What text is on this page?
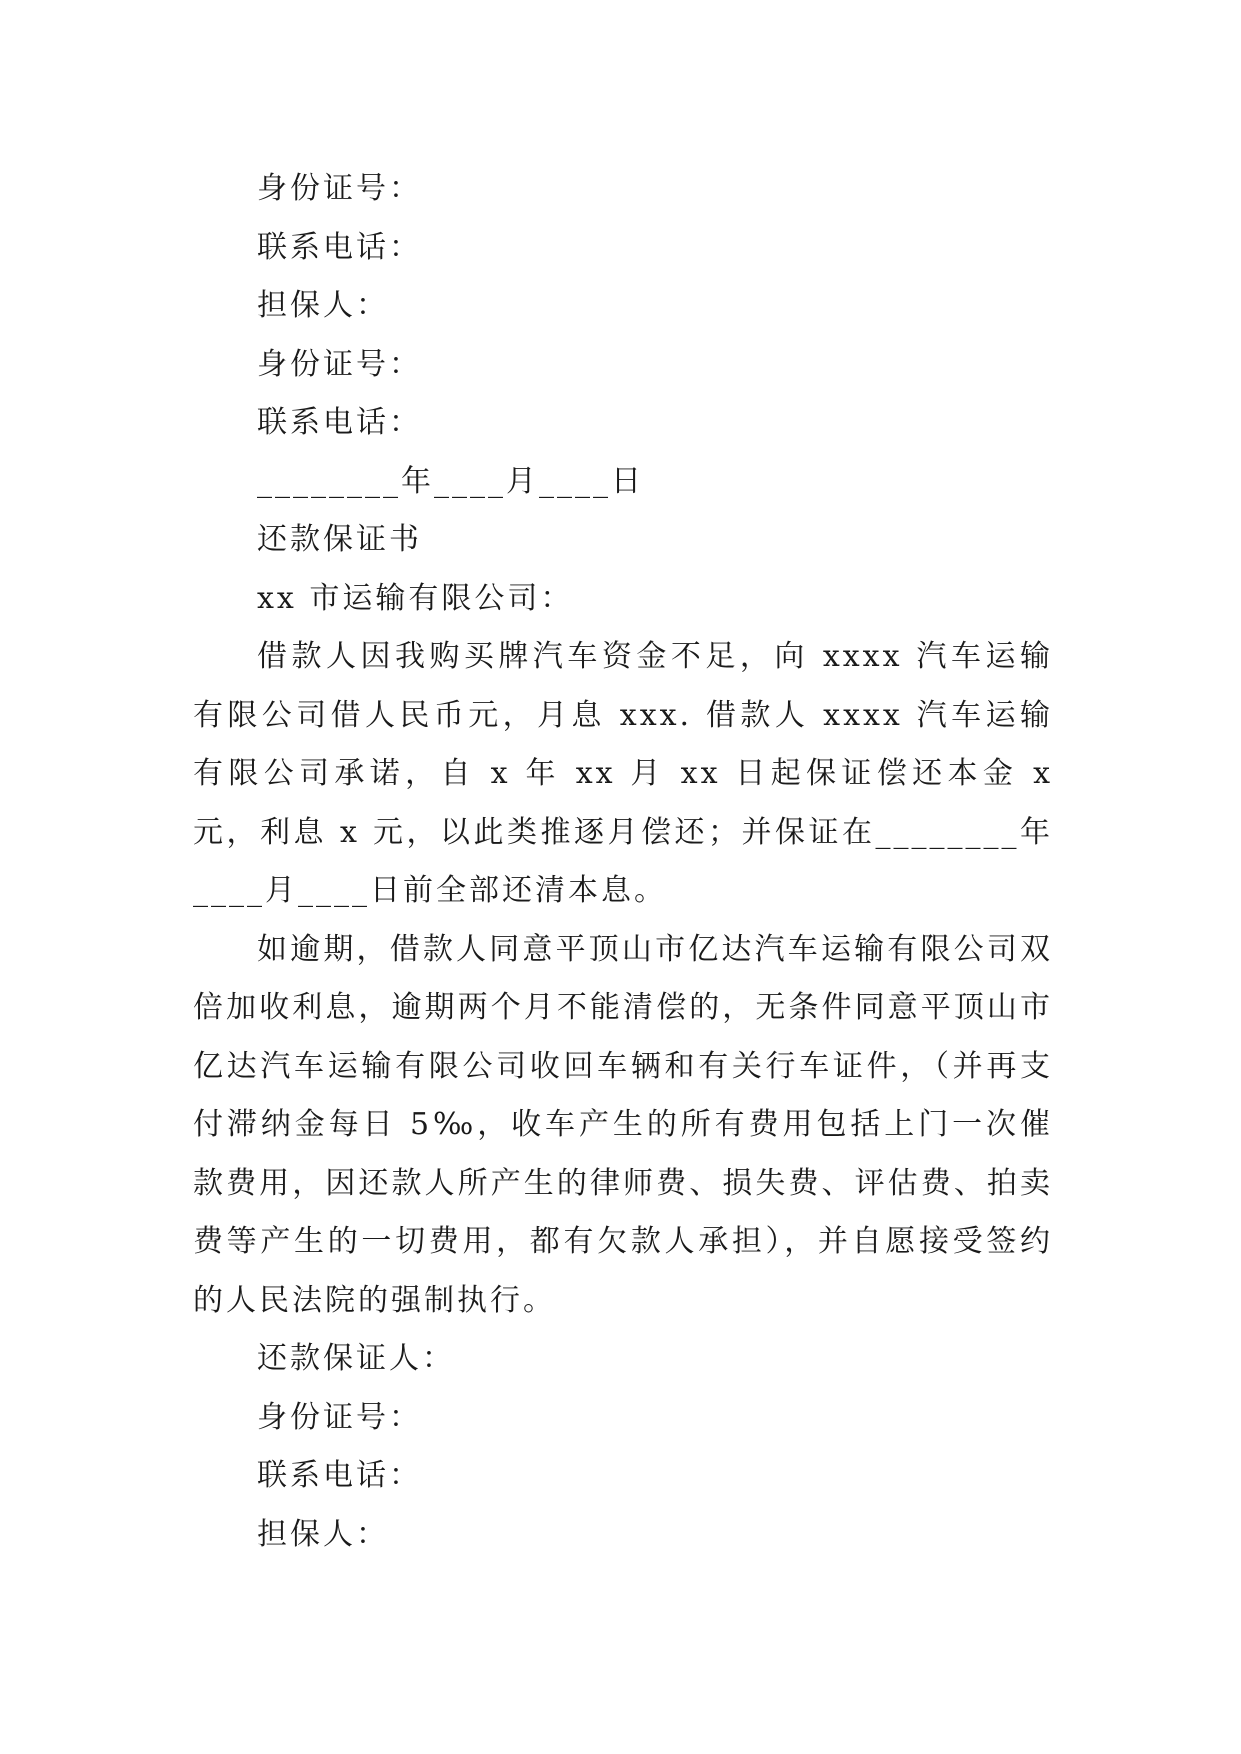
身份证号：
联系电话：
担保人：
身份证号：
联系电话：
________年____月____日
还款保证书
xx 市运输有限公司：

借款人因我购买牌汽车资金不足，向 xxxx 汽车运输有限公司借人民币元，月息 xxx. 借款人 xxxx 汽车运输有限公司承诺，自 x 年 xx 月 xx 日起保证偿还本金 x 元，利息 x 元，以此类推逐月偿还；并保证在________年____月____日前全部还清本息。

如逾期，借款人同意平顶山市亿达汽车运输有限公司双倍加收利息，逾期两个月不能清偿的，无条件同意平顶山市亿达汽车运输有限公司收回车辆和有关行车证件，（并再支付滞纳金每日 5‰，收车产生的所有费用包括上门一次催款费用，因还款人所产生的律师费、损失费、评估费、拍卖费等产生的一切费用，都有欠款人承担），并自愿接受签约的人民法院的强制执行。

还款保证人：
身份证号：
联系电话：
担保人：
